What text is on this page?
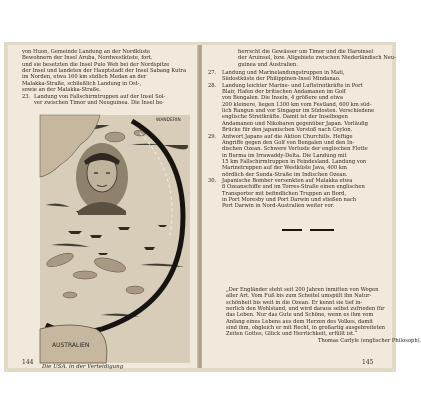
von Huon, Gemeinde Landung an der Nordküste
Bewohnern der Insel Aruba, Nordwestküste, fort.
und sie besetzten die Insel Pulo Weh bei der Nordspitze
der Insel und landeten der Hauptstadt der Insel Sabang Kutra
im Norden, etwa 160 km südlich Medan an der
Malakka-Straße, schließlich Landung in Ost-,
sowie an der Malakka-Straße.
23. Landung von Fallschirmtruppen auf der Insel Sol-
ver zwischen Timor und Neuguinea. Die Insel be-
AUSTRALIEN
WANDERIN
Die USA. in der Verteidigung
144
herrscht die Gewässer um Timor und die Haroinsel
der Aruinsel, bzw. Altgebiete zwischen Niederländisch Neu-
guinea und Australien.
27. Landung und Marinelandungstruppen in Mati,
Südostküste der Philippinen-Insel Mindanao.
28. Landung leichter Marine- und Luftstreitkräfte in Port
Blair, Hafen der britischen Andamanen im Golf
von Bengalen. Die Inseln, 4 größere und etwa
200 kleinere, liegen 1300 km vom Festland, 600 km süd-
lich Rangun und vor Singapur im Südosten. Verschiedene
englische Streitkräfte. Damit ist der Inselbogen
Andamanen und Nikobaren gegenüber Japan. Vorläufig
Brücke für den japanischen Vorstoß nach Ceylon.
29. Antwort Japans auf die Aktion Churchills. Heftige
Angriffe gegen den Golf von Bengalen und den In-
dischen Ozean. Schwere Verluste der englischen Flotte
in Burma im Irrawaddy-Delta. Die Landung mit
15 km Fallschirmtruppen in Feindesland. Landung von
Marinetruppen auf der Westküste Java, 400 km
nördlich der Sunda-Straße im Indischen Ozean.
30. Japanische Bomber versenkten auf Malakka etwa
8 Ozeanschiffe und im Torres-Straße einen englischen
Transporter mit befindlichen Truppen an Bord,
in Port Moresby und Port Darwin und stießen nach
Port Darwin in Nord-Australien weiter vor.
„Der Engländer steht seit 200 Jahren inmitten von Wogen
aller Art. Vom Fuß bis zum Scheitel umspült ihn Natur-
schönheit bis weit in die Ozean. Er kennt sie tief in-
nerlich den Wohlstand, und wird daraus selbst zufrieden für
das Leben. Nur das Gute und Schöne, wenn es ihm vom
Anfang eines Lebens aus dem Herzen des Volkes, damit
sind ihm, obgleich er mit Recht, in großartig ausgebreiteten
Zeiten Gottes, Glück und Herrlichkeit, erfüllt ist.“
Thomas Carlyle (englischer Philosoph).
145
